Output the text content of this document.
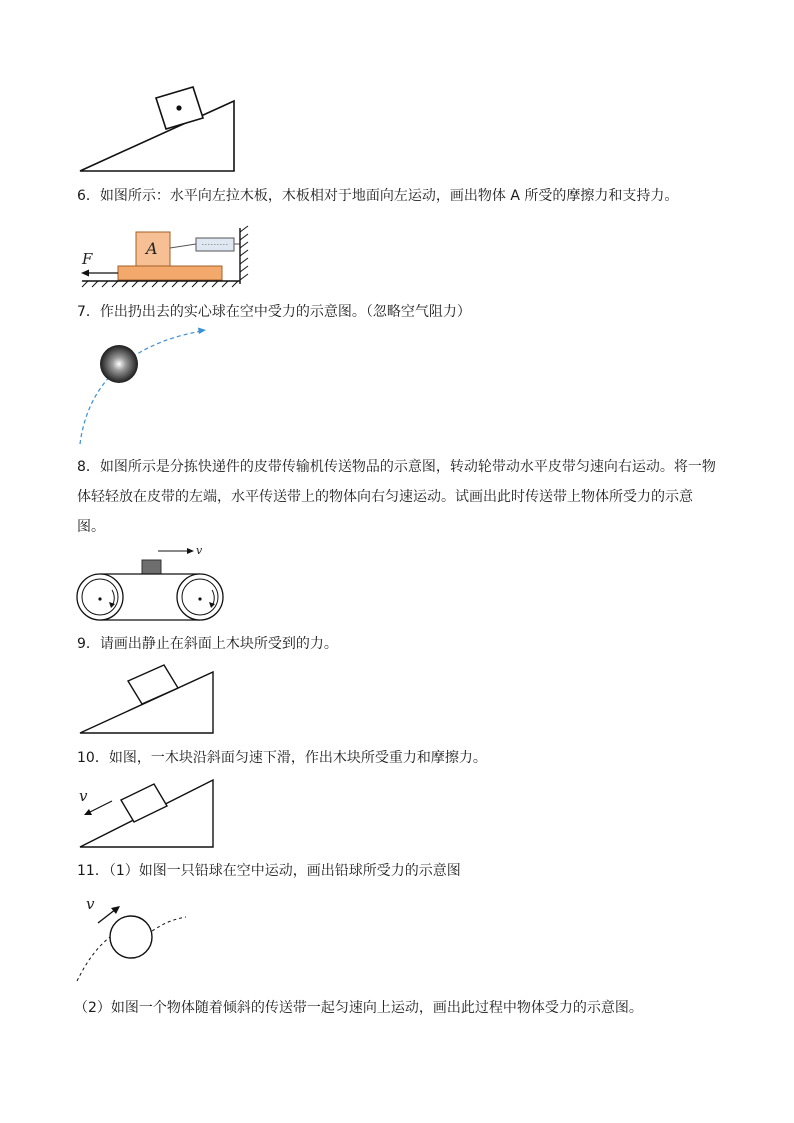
6．如图所示：水平向左拉木板，木板相对于地面向左运动，画出物体 A 所受的摩擦力和支持力。

A
F

7．作出扔出去的实心球在空中受力的示意图。（忽略空气阻力）

8．如图所示是分拣快递件的皮带传输机传送物品的示意图，转动轮带动水平皮带匀速向右运动。将一物体轻轻放在皮带的左端，水平传送带上的物体向右匀速运动。试画出此时传送带上物体所受力的示意图。

v

9．请画出静止在斜面上木块所受到的力。

10．如图，一木块沿斜面匀速下滑，作出木块所受重力和摩擦力。

v

11．（1）如图一只铅球在空中运动，画出铅球所受力的示意图

v

（2）如图一个物体随着倾斜的传送带一起匀速向上运动，画出此过程中物体受力的示意图。
